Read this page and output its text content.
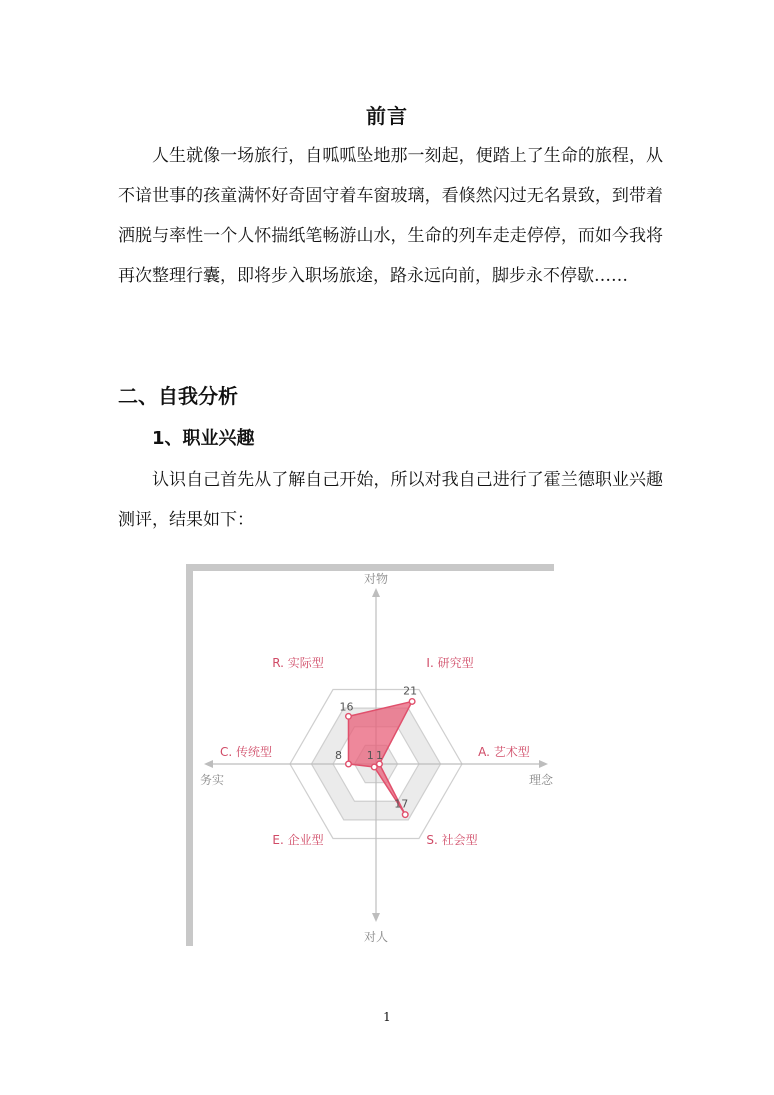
前言

人生就像一场旅行，自呱呱坠地那一刻起，便踏上了生命的旅程，从不谙世事的孩童满怀好奇固守着车窗玻璃，看倏然闪过无名景致，到带着洒脱与率性一个人怀揣纸笔畅游山水，生命的列车走走停停，而如今我将再次整理行囊，即将步入职场旅途，路永远向前，脚步永不停歇……

二、自我分析
1、职业兴趣

认识自己首先从了解自己开始，所以对我自己进行了霍兰德职业兴趣测评，结果如下：

对物
对人
务实	理念
21
1
17
1
8
16
I. 研究型
A. 艺术型
S. 社会型
E. 企业型
C. 传统型
R. 实际型
1
